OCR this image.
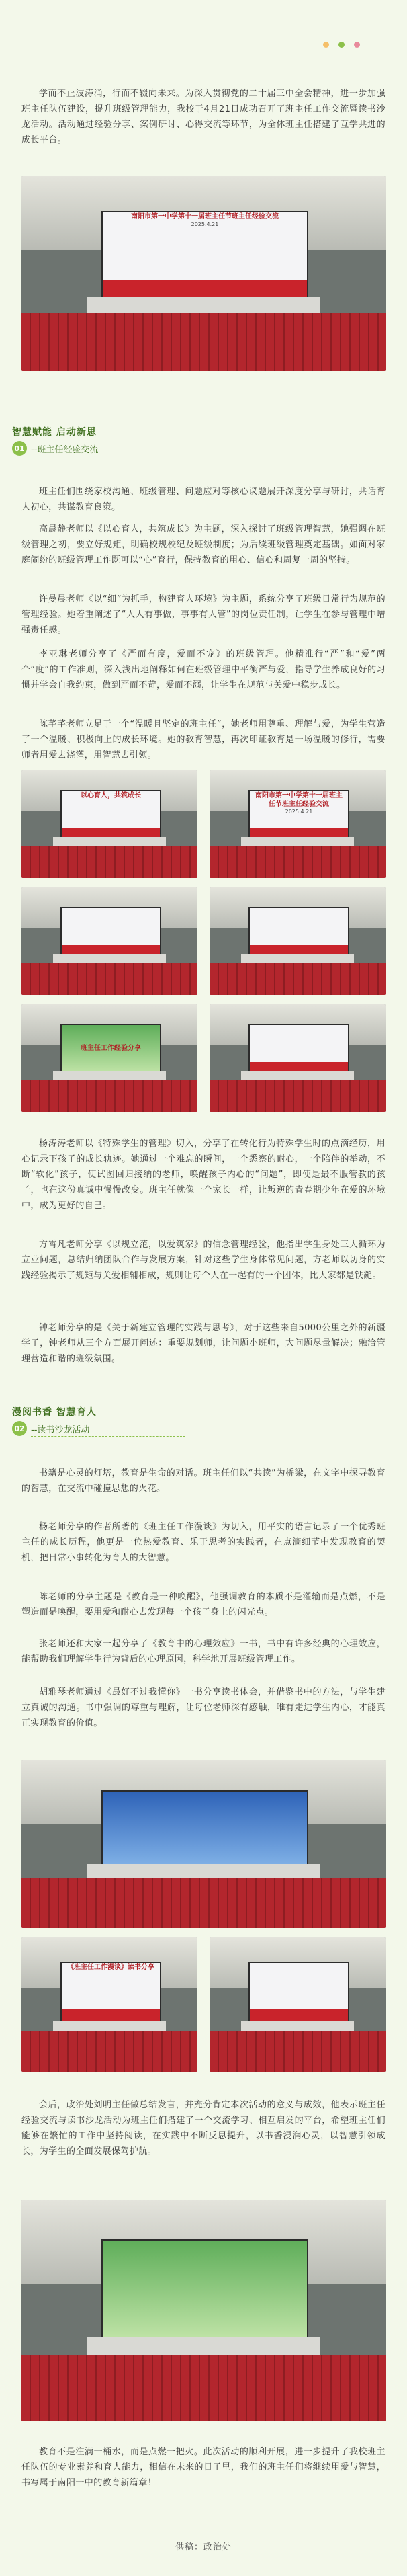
学而不止波涛涌，行而不辍向未来。为深入贯彻党的二十届三中全会精神，进一步加强班主任队伍建设，提升班级管理能力，我校于4月21日成功召开了班主任工作交流暨读书沙龙活动。活动通过经验分享、案例研讨、心得交流等环节，为全体班主任搭建了互学共进的成长平台。

南阳市第一中学第十一届班主任节班主任经验交流
2025.4.21
智慧赋能 启动新思
01 --班主任经验交流

班主任们围绕家校沟通、班级管理、问题应对等核心议题展开深度分享与研讨，共话育人初心，共谋教育良策。

高晨静老师以《以心育人，共筑成长》为主题，深入探讨了班级管理智慧，她强调在班级管理之初，要立好规矩，明确校规校纪及班级制度；为后续班级管理奠定基础。如面对家庭闹纷的班级管理工作既可以“心”育行，保持教育的用心、信心和周复一周的坚持。

许曼晨老师《以“细”为抓手，构建育人环境》为主题，系统分享了班级日常行为规范的管理经验。她着重阐述了“人人有事做，事事有人管”的岗位责任制，让学生在参与管理中增强责任感。

李亚琳老师分享了《严而有度，爱而不宠》的班级管理。他精准行“严”和“爱”两个“度”的工作准则，深入浅出地阐释如何在班级管理中平衡严与爱，指导学生养成良好的习惯并学会自我约束，做到严而不苛，爱而不溺，让学生在规范与关爱中稳步成长。

陈芊芊老师立足于一个“温暖且坚定的班主任”，她老师用尊重、理解与爱，为学生营造了一个温暖、积极向上的成长环境。她的教育智慧，再次印证教育是一场温暖的修行，需要师者用爱去浇灌，用智慧去引领。

以心育人，共筑成长	南阳市第一中学第十一届班主任节班主任经验交流
2025.4.21
班主任工作经验分享

杨涛涛老师以《特殊学生的管理》切入，分享了在转化行为特殊学生时的点滴经历，用心记录下孩子的成长轨迹。她通过一个难忘的瞬间，一个悉察的耐心，一个陪伴的举动，不断“软化”孩子，使试图回归接纳的老师，唤醒孩子内心的“问题”，即使是最不服管教的孩子，也在这份真诚中慢慢改变。班主任就像一个家长一样，让叛逆的青春期少年在爱的环境中，成为更好的自己。

方霄凡老师分享《以规立范，以爱筑家》的信念管理经验，他指出学生身处三大循环为立业问题，总结归纳团队合作与发展方案，针对这些学生身体常见问题，方老师以切身的实践经验揭示了规矩与关爱相辅相成，规则让每个人在一起有的一个团体，比大家都是铁鎚。

钟老师分享的是《关于新建立管理的实践与思考》，对于这些来自5000公里之外的新疆学子，钟老师从三个方面展开阐述：重要规划师，让问题小班师，大问题尽量解决；融洽管理营造和谐的班级氛围。

漫阅书香 智慧育人
02 --读书沙龙活动

书籍是心灵的灯塔，教育是生命的对话。班主任们以“共读”为桥梁，在文字中探寻教育的智慧，在交流中碰撞思想的火花。

杨老师分享的作者所著的《班主任工作漫谈》为切入，用平实的语言记录了一个优秀班主任的成长历程，他更是一位热爱教育、乐于思考的实践者，在点滴细节中发现教育的契机，把日常小事转化为育人的大智慧。

陈老师的分享主题是《教育是一种唤醒》，他强调教育的本质不是灌输而是点燃，不是塑造而是唤醒，要用爱和耐心去发现每一个孩子身上的闪光点。

张老师还和大家一起分享了《教育中的心理效应》一书，书中有许多经典的心理效应，能帮助我们理解学生行为背后的心理原因，科学地开展班级管理工作。

胡雅琴老师通过《最好不过我懂你》一书分享读书体会，并借鉴书中的方法，与学生建立真诚的沟通。书中强调的尊重与理解，让每位老师深有感触，唯有走进学生内心，才能真正实现教育的价值。

《班主任工作漫谈》读书分享

会后，政治处刘明主任做总结发言，并充分肯定本次活动的意义与成效，他表示班主任经验交流与读书沙龙活动为班主任们搭建了一个交流学习、相互启发的平台，希望班主任们能够在繁忙的工作中坚持阅读，在实践中不断反思提升，以书香浸润心灵，以智慧引领成长，为学生的全面发展保驾护航。

教育不是注满一桶水，而是点燃一把火。此次活动的顺利开展，进一步提升了我校班主任队伍的专业素养和育人能力，相信在未来的日子里，我们的班主任们将继续用爱与智慧，书写属于南阳一中的教育新篇章！

供稿：政治处
